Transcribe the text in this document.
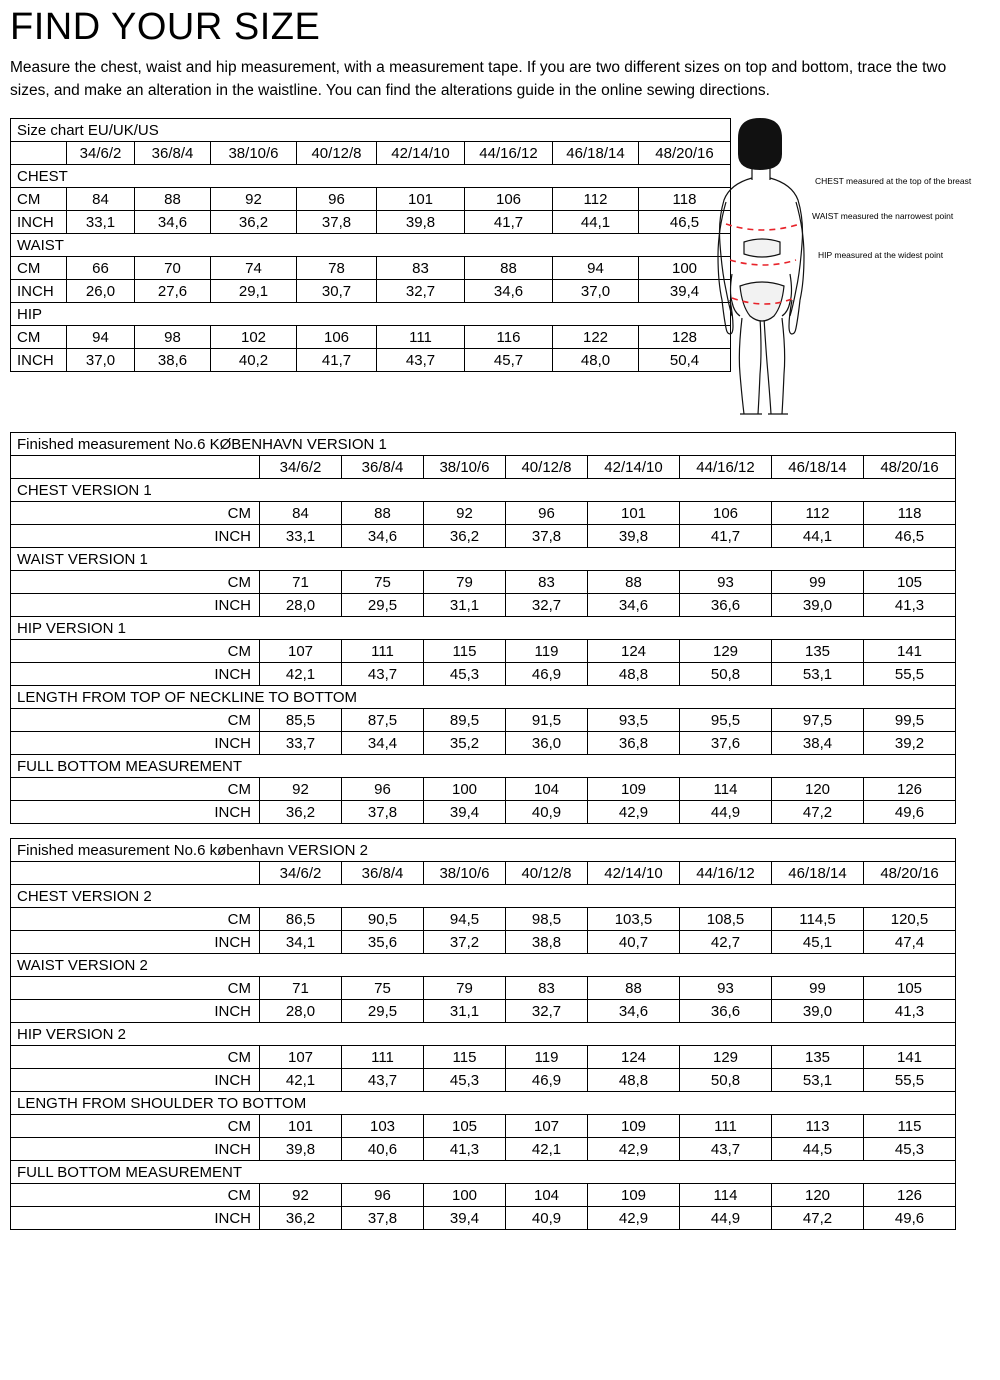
FIND YOUR SIZE

Measure the chest, waist and hip measurement, with a measurement tape. If you are two different sizes on top and bottom, trace the two sizes, and make an alteration in the waistline. You can find the alterations guide in the online sewing directions.

Size chart EU/UK/US								
	34/6/2	36/8/4	38/10/6	40/12/8	42/14/10	44/16/12	46/18/14	48/20/16
CHEST								
CM	84	88	92	96	101	106	112	118
INCH	33,1	34,6	36,2	37,8	39,8	41,7	44,1	46,5
WAIST								
CM	66	70	74	78	83	88	94	100
INCH	26,0	27,6	29,1	30,7	32,7	34,6	37,0	39,4
HIP								
CM	94	98	102	106	111	116	122	128
INCH	37,0	38,6	40,2	41,7	43,7	45,7	48,0	50,4
CHEST measured at the top of the breast
WAIST measured the narrowest point
HIP measured at the widest point
Finished measurement No.6 KØBENHAVN VERSION 1								
	34/6/2	36/8/4	38/10/6	40/12/8	42/14/10	44/16/12	46/18/14	48/20/16
CHEST VERSION 1								
CM	84	88	92	96	101	106	112	118
INCH	33,1	34,6	36,2	37,8	39,8	41,7	44,1	46,5
WAIST VERSION 1								
CM	71	75	79	83	88	93	99	105
INCH	28,0	29,5	31,1	32,7	34,6	36,6	39,0	41,3
HIP VERSION 1								
CM	107	111	115	119	124	129	135	141
INCH	42,1	43,7	45,3	46,9	48,8	50,8	53,1	55,5
LENGTH FROM TOP OF NECKLINE TO BOTTOM								
CM	85,5	87,5	89,5	91,5	93,5	95,5	97,5	99,5
INCH	33,7	34,4	35,2	36,0	36,8	37,6	38,4	39,2
FULL BOTTOM MEASUREMENT								
CM	92	96	100	104	109	114	120	126
INCH	36,2	37,8	39,4	40,9	42,9	44,9	47,2	49,6
Finished measurement No.6 københavn VERSION 2								
	34/6/2	36/8/4	38/10/6	40/12/8	42/14/10	44/16/12	46/18/14	48/20/16
CHEST VERSION 2								
CM	86,5	90,5	94,5	98,5	103,5	108,5	114,5	120,5
INCH	34,1	35,6	37,2	38,8	40,7	42,7	45,1	47,4
WAIST VERSION 2								
CM	71	75	79	83	88	93	99	105
INCH	28,0	29,5	31,1	32,7	34,6	36,6	39,0	41,3
HIP VERSION 2								
CM	107	111	115	119	124	129	135	141
INCH	42,1	43,7	45,3	46,9	48,8	50,8	53,1	55,5
LENGTH FROM SHOULDER TO BOTTOM								
CM	101	103	105	107	109	111	113	115
INCH	39,8	40,6	41,3	42,1	42,9	43,7	44,5	45,3
FULL BOTTOM MEASUREMENT								
CM	92	96	100	104	109	114	120	126
INCH	36,2	37,8	39,4	40,9	42,9	44,9	47,2	49,6
